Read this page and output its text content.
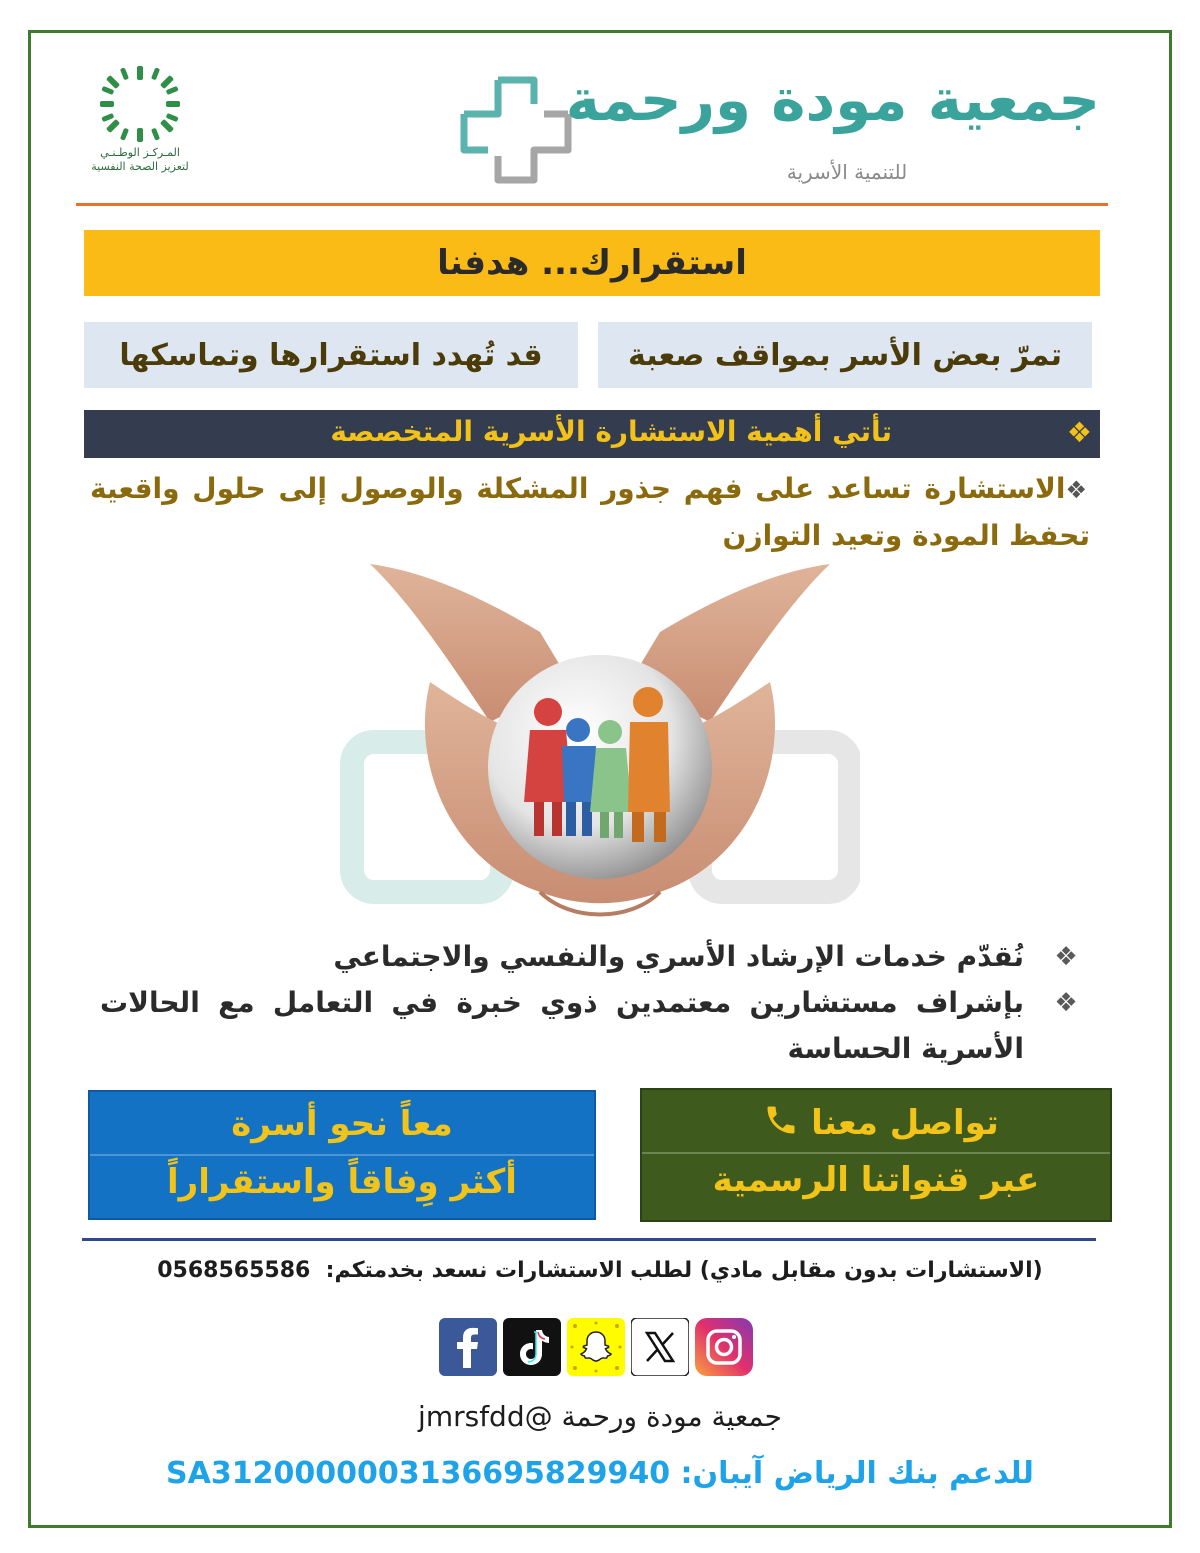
المـركـز الوطـنـي
لتعزيز الصحة النفسية
جمعية مودة ورحمة
للتنمية الأسرية
استقرارك... هدفنا
تمرّ بعض الأسر بمواقف صعبة
قد تُهدد استقرارها وتماسكها
❖
تأتي أهمية الاستشارة الأسرية المتخصصة
❖الاستشارة تساعد على فهم جذور المشكلة والوصول إلى حلول واقعية تحفظ المودة وتعيد التوازن
❖
نُقدّم خدمات الإرشاد الأسري والنفسي والاجتماعي
❖
بإشراف مستشارين معتمدين ذوي خبرة في التعامل مع الحالات الأسرية الحساسة
تواصل معنا
عبر قنواتنا الرسمية
معاً نحو أسرة
أكثر وِفاقاً واستقراراً
(الاستشارات بدون مقابل مادي) لطلب الاستشارات نسعد بخدمتكم:  0568565586
جمعية مودة ورحمة @jmrsfdd
للدعم بنك الرياض آيبان: SA3120000003136695829940
